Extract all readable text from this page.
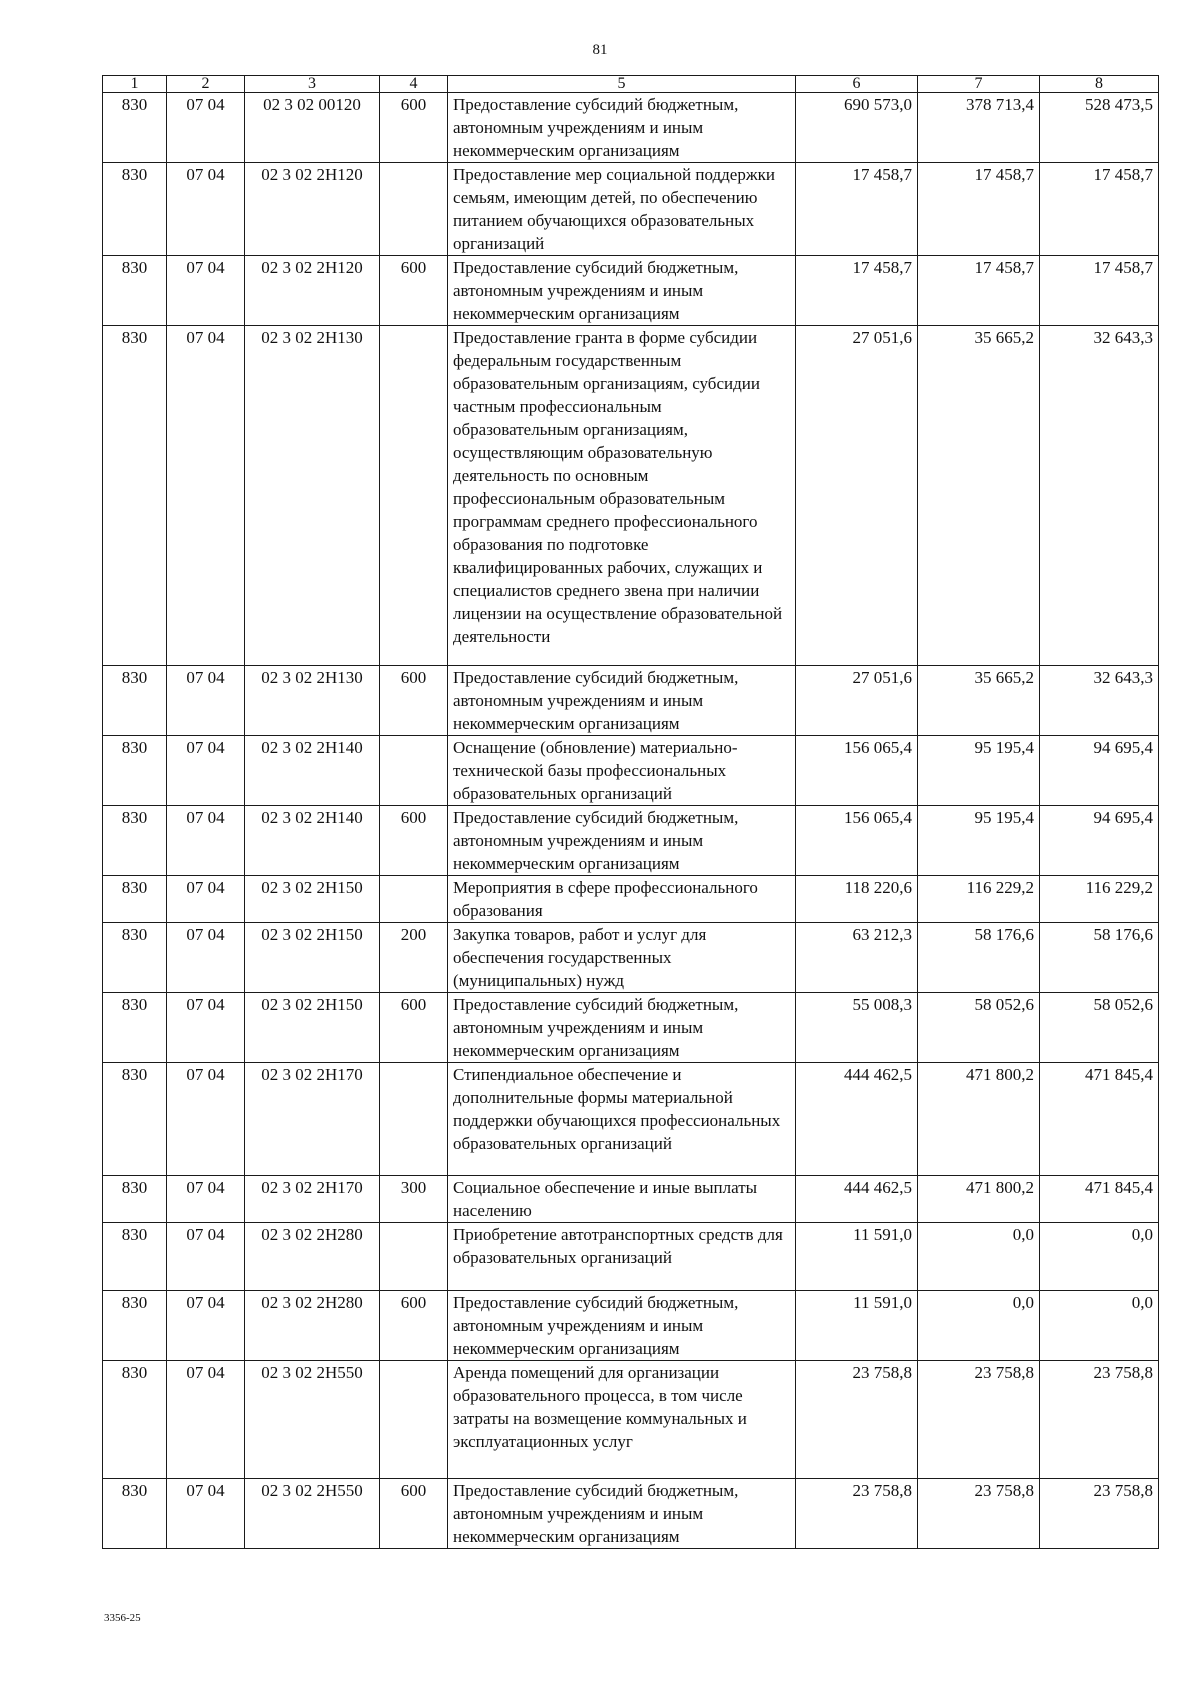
81
1	2	3	4	5	6	7	8
830	07 04	02 3 02 00120	600	Предоставление субсидий бюджетным, автономным учреждениям и иным некоммерческим организациям	690 573,0	378 713,4	528 473,5
830	07 04	02 3 02 2Н120		Предоставление мер социальной поддержки семьям, имеющим детей, по обеспечению питанием обучающихся образовательных организаций	17 458,7	17 458,7	17 458,7
830	07 04	02 3 02 2Н120	600	Предоставление субсидий бюджетным, автономным учреждениям и иным некоммерческим организациям	17 458,7	17 458,7	17 458,7
830	07 04	02 3 02 2Н130		Предоставление гранта в форме субсидии федеральным государственным образовательным организациям, субсидии частным профессиональным образовательным организациям, осуществляющим образовательную деятельность по основным профессиональным образовательным программам среднего профессионального образования по подготовке квалифицированных рабочих, служащих и специалистов среднего звена при наличии лицензии на осуществление образовательной деятельности	27 051,6	35 665,2	32 643,3
830	07 04	02 3 02 2Н130	600	Предоставление субсидий бюджетным, автономным учреждениям и иным некоммерческим организациям	27 051,6	35 665,2	32 643,3
830	07 04	02 3 02 2Н140		Оснащение (обновление) материально-технической базы профессиональных образовательных организаций	156 065,4	95 195,4	94 695,4
830	07 04	02 3 02 2Н140	600	Предоставление субсидий бюджетным, автономным учреждениям и иным некоммерческим организациям	156 065,4	95 195,4	94 695,4
830	07 04	02 3 02 2Н150		Мероприятия в сфере профессионального образования	118 220,6	116 229,2	116 229,2
830	07 04	02 3 02 2Н150	200	Закупка товаров, работ и услуг для обеспечения государственных (муниципальных) нужд	63 212,3	58 176,6	58 176,6
830	07 04	02 3 02 2Н150	600	Предоставление субсидий бюджетным, автономным учреждениям и иным некоммерческим организациям	55 008,3	58 052,6	58 052,6
830	07 04	02 3 02 2Н170		Стипендиальное обеспечение и дополнительные формы материальной поддержки обучающихся профессиональных образовательных организаций	444 462,5	471 800,2	471 845,4
830	07 04	02 3 02 2Н170	300	Социальное обеспечение и иные выплаты населению	444 462,5	471 800,2	471 845,4
830	07 04	02 3 02 2Н280		Приобретение автотранспортных средств для образовательных организаций	11 591,0	0,0	0,0
830	07 04	02 3 02 2Н280	600	Предоставление субсидий бюджетным, автономным учреждениям и иным некоммерческим организациям	11 591,0	0,0	0,0
830	07 04	02 3 02 2Н550		Аренда помещений для организации образовательного процесса, в том числе затраты на возмещение коммунальных и эксплуатационных услуг	23 758,8	23 758,8	23 758,8
830	07 04	02 3 02 2Н550	600	Предоставление субсидий бюджетным, автономным учреждениям и иным некоммерческим организациям	23 758,8	23 758,8	23 758,8
3356-25
